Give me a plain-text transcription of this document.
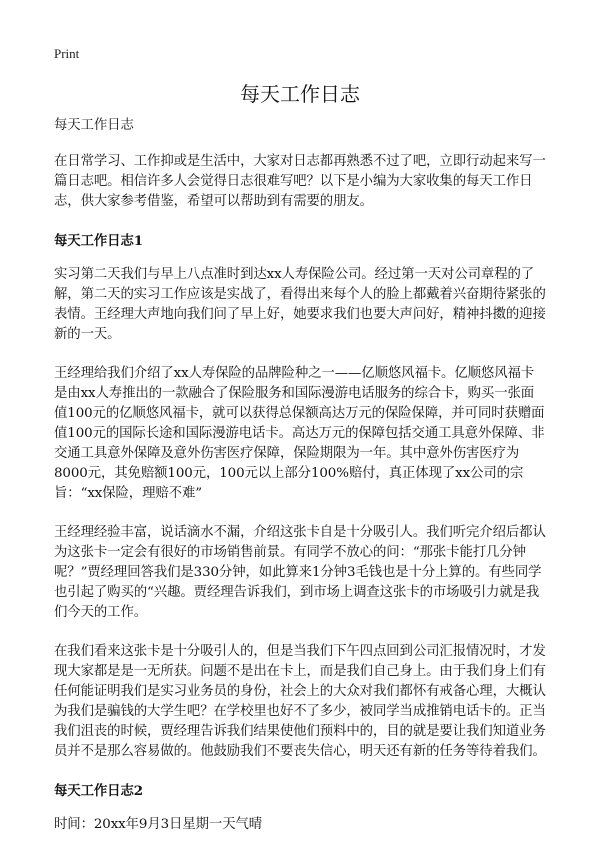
Print
每天工作日志

每天工作日志

在日常学习、工作抑或是生活中，大家对日志都再熟悉不过了吧，立即行动起来写一篇日志吧。相信许多人会觉得日志很难写吧？以下是小编为大家收集的每天工作日志，供大家参考借鉴，希望可以帮助到有需要的朋友。

每天工作日志1

实习第二天我们与早上八点准时到达xx人寿保险公司。经过第一天对公司章程的了解，第二天的实习工作应该是实战了，看得出来每个人的脸上都戴着兴奋期待紧张的表情。王经理大声地向我们问了早上好，她要求我们也要大声问好，精神抖擞的迎接新的一天。

王经理给我们介绍了xx人寿保险的品牌险种之一——亿顺悠风福卡。亿顺悠风福卡是由xx人寿推出的一款融合了保险服务和国际漫游电话服务的综合卡，购买一张面值100元的亿顺悠风福卡，就可以获得总保额高达万元的保险保障，并可同时获赠面值100元的国际长途和国际漫游电话卡。高达万元的保障包括交通工具意外保障、非交通工具意外保障及意外伤害医疗保障，保险期限为一年。其中意外伤害医疗为8000元，其免赔额100元，100元以上部分100%赔付，真正体现了xx公司的宗旨：“xx保险，理赔不难”

王经理经验丰富，说话滴水不漏，介绍这张卡自是十分吸引人。我们听完介绍后都认为这张卡一定会有很好的市场销售前景。有同学不放心的问：“那张卡能打几分钟呢？”贾经理回答我们是330分钟，如此算来1分钟3毛钱也是十分上算的。有些同学也引起了购买的“兴趣。贾经理告诉我们，到市场上调查这张卡的市场吸引力就是我们今天的工作。

在我们看来这张卡是十分吸引人的，但是当我们下午四点回到公司汇报情况时，才发现大家都是是一无所获。问题不是出在卡上，而是我们自己身上。由于我们身上们有任何能证明我们是实习业务员的身份，社会上的大众对我们都怀有戒备心理，大概认为我们是骗钱的大学生吧？在学校里也好不了多少，被同学当成推销电话卡的。正当我们沮丧的时候，贾经理告诉我们结果使他们预料中的，目的就是要让我们知道业务员并不是那么容易做的。他鼓励我们不要丧失信心，明天还有新的任务等待着我们。

每天工作日志2

时间：20xx年9月3日星期一天气晴
